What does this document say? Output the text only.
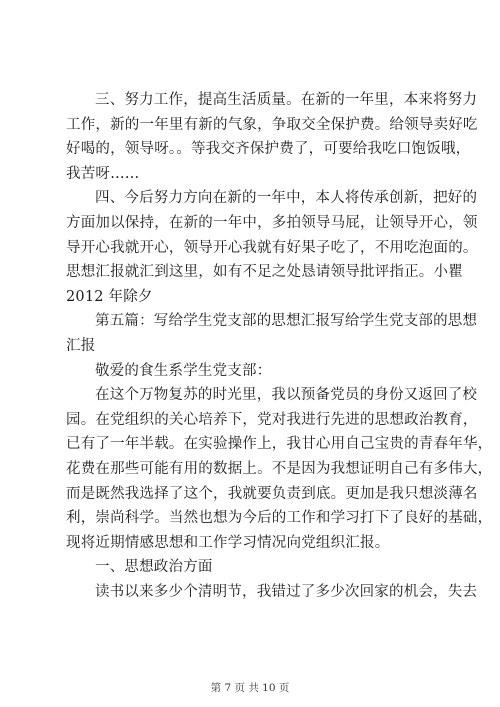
三、努力工作，提高生活质量。在新的一年里，本来将努力
工作，新的一年里有新的气象，争取交全保护费。给领导卖好吃
好喝的，领导呀。。等我交齐保护费了，可要给我吃口饱饭哦，
我苦呀……
四、今后努力方向在新的一年中，本人将传承创新，把好的
方面加以保持，在新的一年中，多拍领导马屁，让领导开心，领
导开心我就开心，领导开心我就有好果子吃了，不用吃泡面的。
思想汇报就汇到这里，如有不足之处恳请领导批评指正。小瞿
2012 年除夕
第五篇：写给学生党支部的思想汇报写给学生党支部的思想
汇报
敬爱的食生系学生党支部：
在这个万物复苏的时光里，我以预备党员的身份又返回了校
园。在党组织的关心培养下，党对我进行先进的思想政治教育，
已有了一年半载。在实验操作上，我甘心用自己宝贵的青春年华，
花费在那些可能有用的数据上。不是因为我想证明自己有多伟大，
而是既然我选择了这个，我就要负责到底。更加是我只想淡薄名
利，崇尚科学。当然也想为今后的工作和学习打下了良好的基础，
现将近期情感思想和工作学习情况向党组织汇报。
一、思想政治方面
读书以来多少个清明节，我错过了多少次回家的机会，失去
第 7 页 共 10 页
